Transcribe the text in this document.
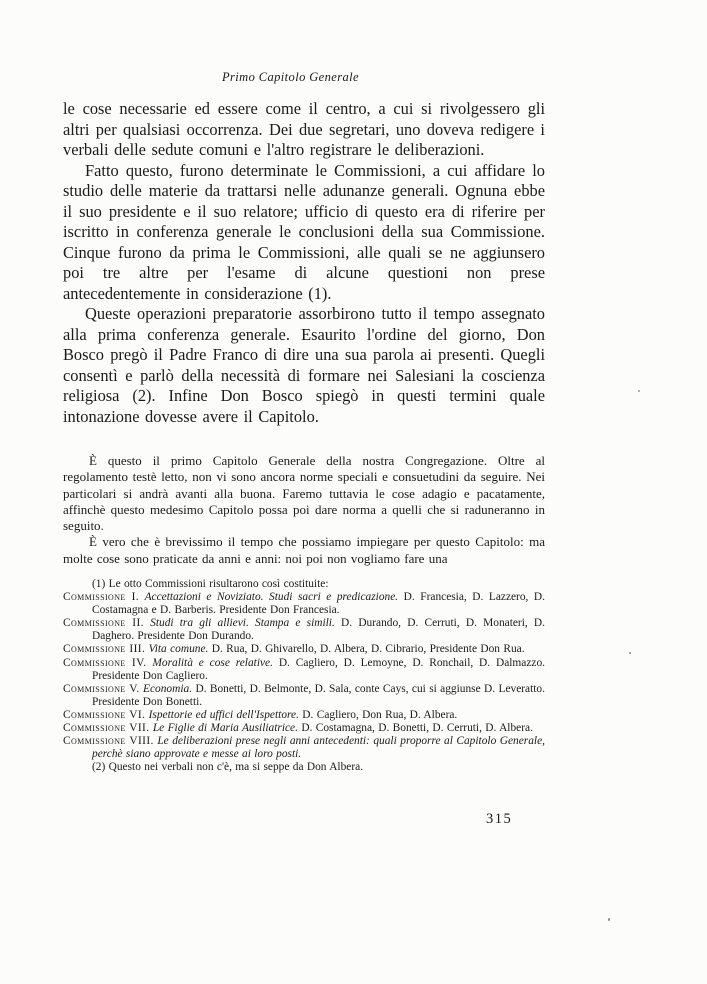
Primo Capitolo Generale

le cose necessarie ed essere come il centro, a cui si rivolgessero gli altri per qualsiasi occorrenza. Dei due segretari, uno doveva redigere i verbali delle sedute comuni e l'altro registrare le deliberazioni.

Fatto questo, furono determinate le Commissioni, a cui affidare lo studio delle materie da trattarsi nelle adunanze generali. Ognuna ebbe il suo presidente e il suo relatore; ufficio di questo era di riferire per iscritto in conferenza generale le conclusioni della sua Commissione. Cinque furono da prima le Commissioni, alle quali se ne aggiunsero poi tre altre per l'esame di alcune questioni non prese antecedentemente in considerazione (1).

Queste operazioni preparatorie assorbirono tutto il tempo assegnato alla prima conferenza generale. Esaurito l'ordine del giorno, Don Bosco pregò il Padre Franco di dire una sua parola ai presenti. Quegli consentì e parlò della necessità di formare nei Salesiani la coscienza religiosa (2). Infine Don Bosco spiegò in questi termini quale intonazione dovesse avere il Capitolo.

È questo il primo Capitolo Generale della nostra Congregazione. Oltre al regolamento testè letto, non vi sono ancora norme speciali e consuetudini da seguire. Nei particolari si andrà avanti alla buona. Faremo tuttavia le cose adagio e pacatamente, affinchè questo medesimo Capitolo possa poi dare norma a quelli che si raduneranno in seguito.

È vero che è brevissimo il tempo che possiamo impiegare per questo Capitolo: ma molte cose sono praticate da anni e anni: noi poi non vogliamo fare una

(1) Le otto Commissioni risultarono così costituite:

Commissione I. Accettazioni e Noviziato. Studi sacri e predicazione. D. Francesia, D. Lazzero, D. Costamagna e D. Barberis. Presidente Don Francesia.

Commissione II. Studi tra gli allievi. Stampa e simili. D. Durando, D. Cerruti, D. Monateri, D. Daghero. Presidente Don Durando.

Commissione III. Vita comune. D. Rua, D. Ghivarello, D. Albera, D. Cibrario, Presidente Don Rua.

Commissione IV. Moralità e cose relative. D. Cagliero, D. Lemoyne, D. Ronchail, D. Dalmazzo. Presidente Don Cagliero.

Commissione V. Economia. D. Bonetti, D. Belmonte, D. Sala, conte Cays, cui si aggiunse D. Leveratto. Presidente Don Bonetti.

Commissione VI. Ispettorie ed uffici dell'Ispettore. D. Cagliero, Don Rua, D. Albera.

Commissione VII. Le Figlie di Maria Ausiliatrice. D. Costamagna, D. Bonetti, D. Cerruti, D. Albera.

Commissione VIII. Le deliberazioni prese negli anni antecedenti: quali proporre al Capitolo Generale, perchè siano approvate e messe ai loro posti.

(2) Questo nei verbali non c'è, ma si seppe da Don Albera.

315
